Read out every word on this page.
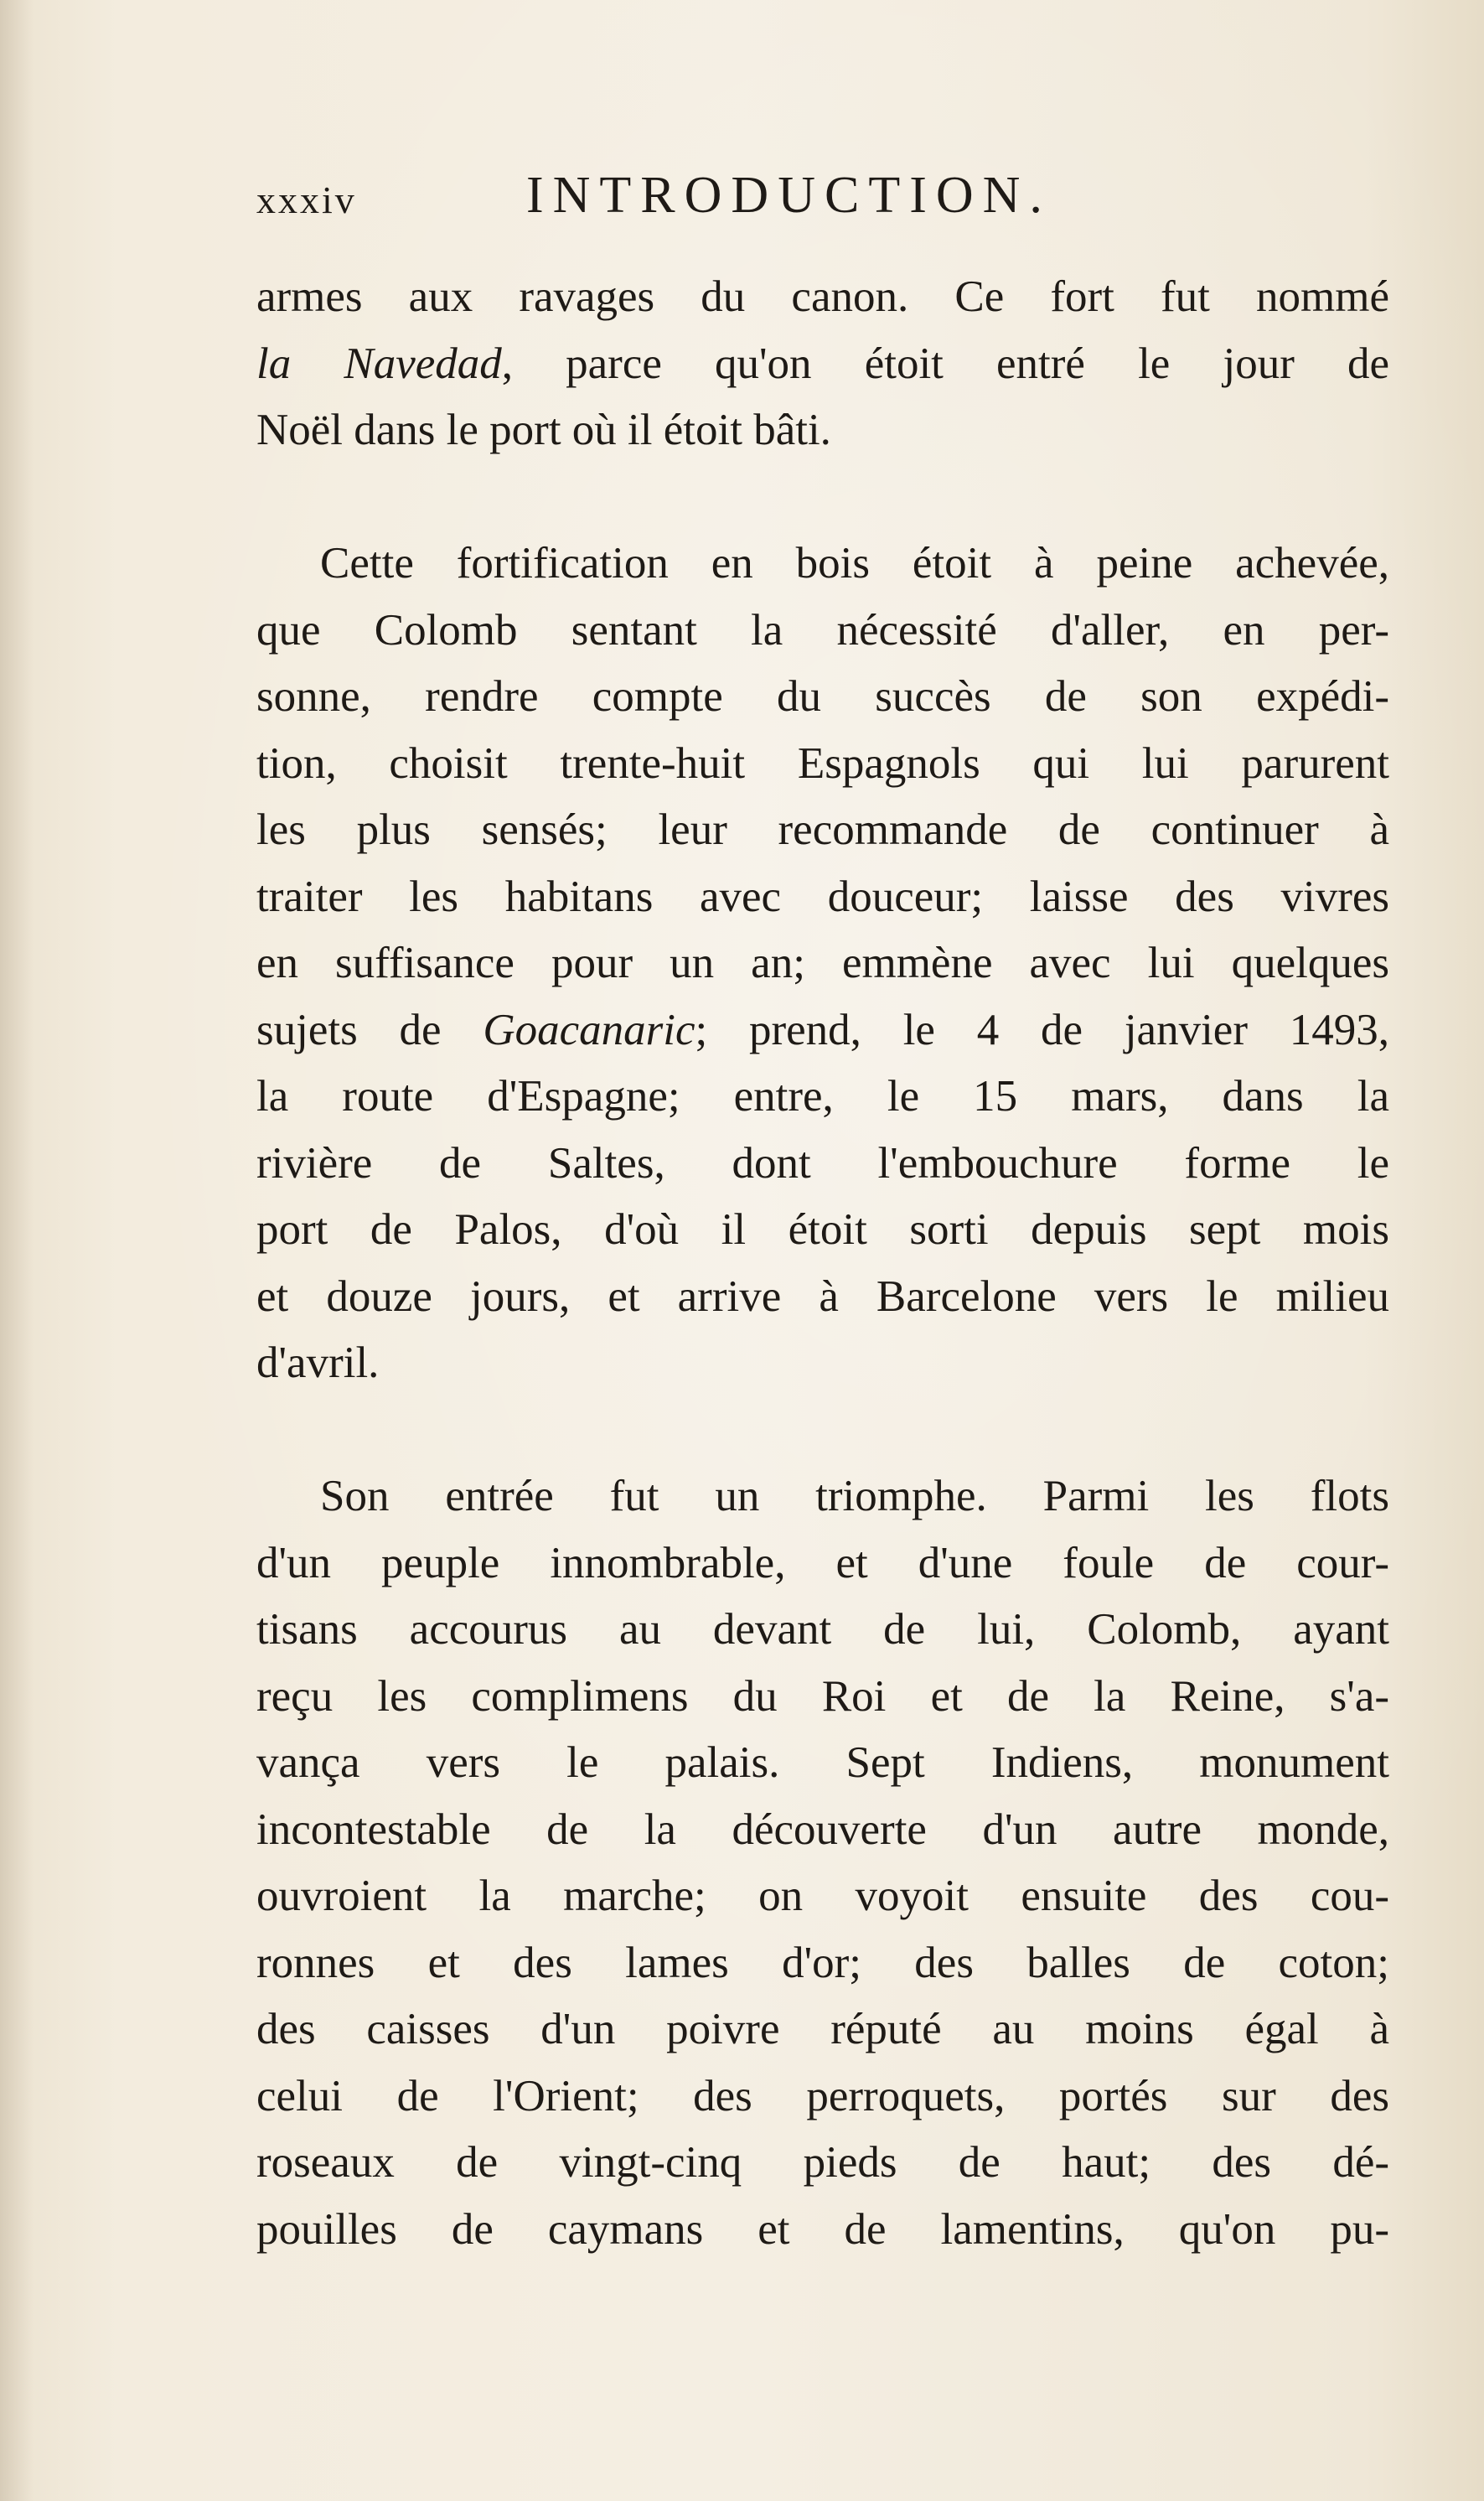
xxxiv	INTRODUCTION.
armes aux ravages du canon. Ce fort fut nommé
la Navedad, parce qu'on étoit entré le jour de
Noël dans le port où il étoit bâti.
Cette fortification en bois étoit à peine achevée,
que Colomb sentant la nécessité d'aller, en per-
sonne, rendre compte du succès de son expédi-
tion, choisit trente-huit Espagnols qui lui parurent
les plus sensés; leur recommande de continuer à
traiter les habitans avec douceur; laisse des vivres
en suffisance pour un an; emmène avec lui quelques
sujets de Goacanaric; prend, le 4 de janvier 1493,
la route d'Espagne; entre, le 15 mars, dans la
rivière de Saltes, dont l'embouchure forme le
port de Palos, d'où il étoit sorti depuis sept mois
et douze jours, et arrive à Barcelone vers le milieu
d'avril.
Son entrée fut un triomphe. Parmi les flots
d'un peuple innombrable, et d'une foule de cour-
tisans accourus au devant de lui, Colomb, ayant
reçu les complimens du Roi et de la Reine, s'a-
vança vers le palais. Sept Indiens, monument
incontestable de la découverte d'un autre monde,
ouvroient la marche; on voyoit ensuite des cou-
ronnes et des lames d'or; des balles de coton;
des caisses d'un poivre réputé au moins égal à
celui de l'Orient; des perroquets, portés sur des
roseaux de vingt-cinq pieds de haut; des dé-
pouilles de caymans et de lamentins, qu'on pu-
